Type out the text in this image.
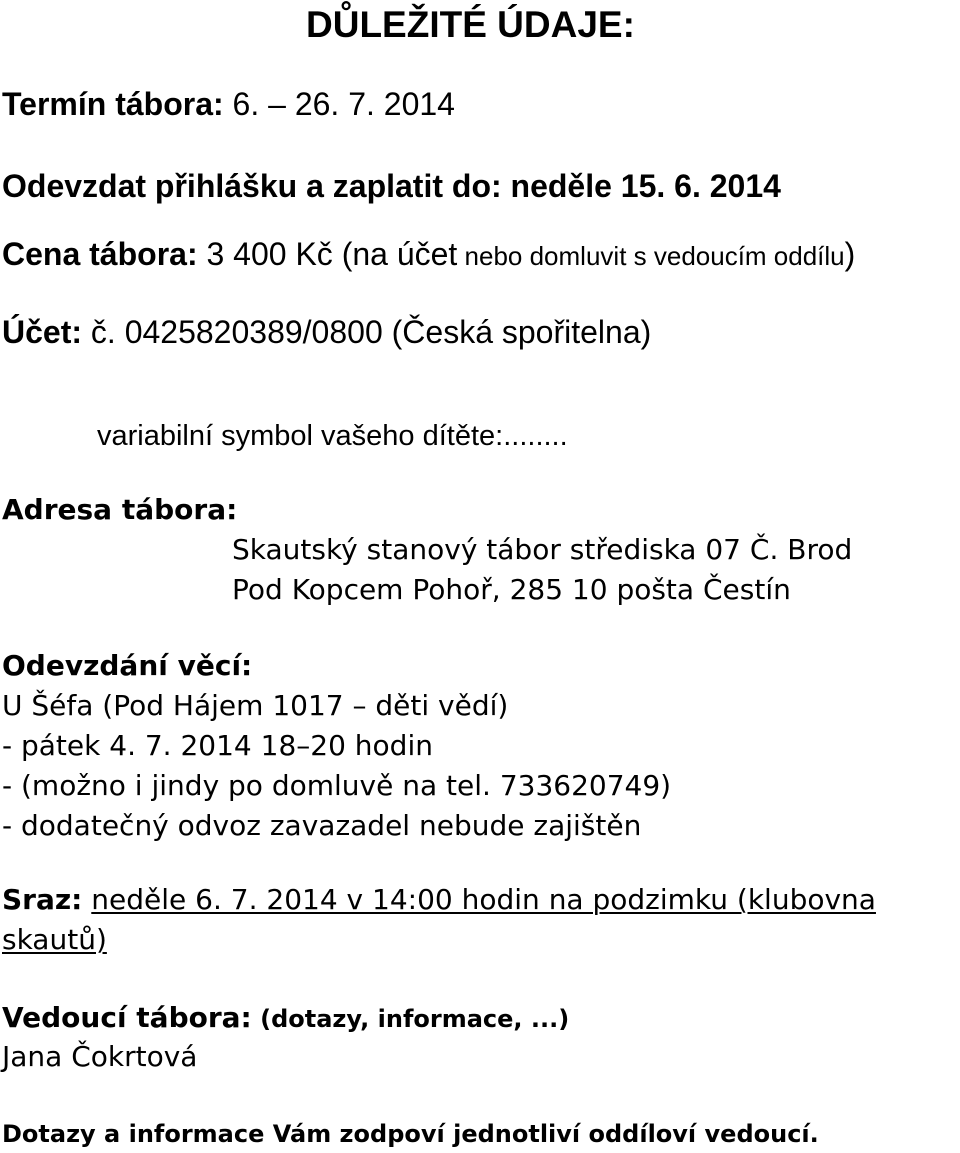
DŮLEŽITÉ ÚDAJE:
Termín tábora: 6. – 26. 7. 2014
Odevzdat přihlášku a zaplatit do: neděle 15. 6. 2014
Cena tábora: 3 400 Kč (na účet nebo domluvit s vedoucím oddílu)
Účet: č. 0425820389/0800 (Česká spořitelna)
variabilní symbol vašeho dítěte:........
Adresa tábora:
Skautský stanový tábor střediska 07 Č. Brod
Pod Kopcem Pohoř, 285 10 pošta Čestín
Odevzdání věcí:
U Šéfa (Pod Hájem 1017 – děti vědí)
- pátek 4. 7. 2014 18–20 hodin
- (možno i jindy po domluvě na tel. 733620749)
- dodatečný odvoz zavazadel nebude zajištěn
Sraz: neděle 6. 7. 2014 v 14:00 hodin na podzimku (klubovna
skautů)
Vedoucí tábora: (dotazy, informace, ...)
Jana Čokrtová
Dotazy a informace Vám zodpoví jednotliví oddíloví vedoucí.
